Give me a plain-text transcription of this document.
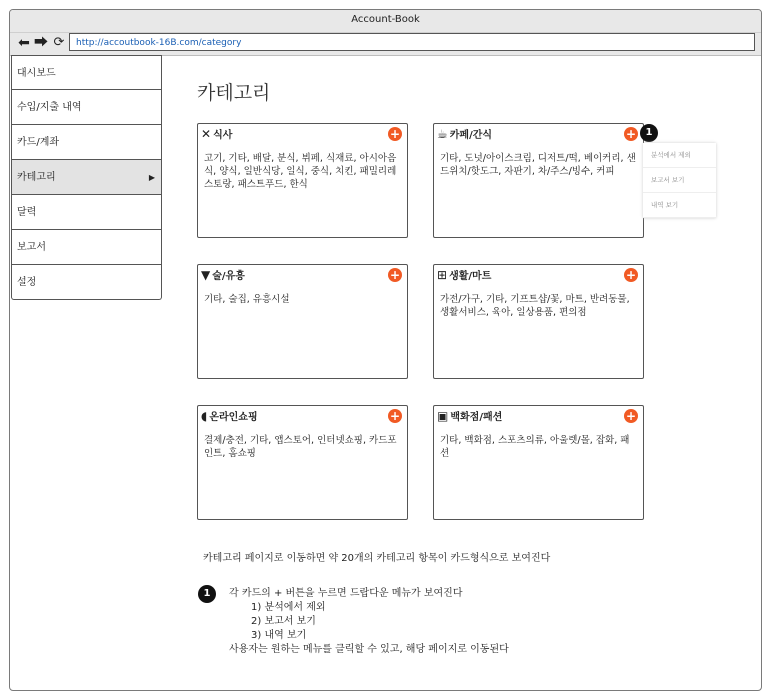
Account-Book
⬅ ⮕ ⟳	http://accoutbook-16B.com/category
대시보드
수입/지출 내역
카드/계좌
카테고리	▶
달력
보고서
설정
카테고리
✕ 식사	+
고기, 기타, 배달, 분식, 뷔페, 식재료, 아시아음식, 양식, 일반식당, 일식, 중식, 치킨, 패밀리레스토랑, 패스트푸드, 한식
☕ 카페/간식	+
기타, 도넛/아이스크림, 디저트/떡, 베이커리, 샌드위치/핫도그, 자판기, 차/주스/빙수, 커피
▼ 술/유흥	+
기타, 술집, 유흥시설
⊞ 생활/마트	+
가전/가구, 기타, 기프트샵/꽃, 마트, 반려동물, 생활서비스, 육아, 일상용품, 편의점
◖ 온라인쇼핑	+
결제/충전, 기타, 앱스토어, 인터넷쇼핑, 카드포인트, 홈쇼핑
▣ 백화점/패션	+
기타, 백화점, 스포츠의류, 아울렛/몰, 잡화, 패션
1
분석에서 제외
보고서 보기
내역 보기
카테고리 페이지로 이동하면 약 20개의 카테고리 항목이 카드형식으로 보여진다
1	각 카드의 + 버튼을 누르면 드랍다운 메뉴가 보여진다
1) 분석에서 제외
2) 보고서 보기
3) 내역 보기
사용자는 원하는 메뉴를 클릭할 수 있고, 해당 페이지로 이동된다
